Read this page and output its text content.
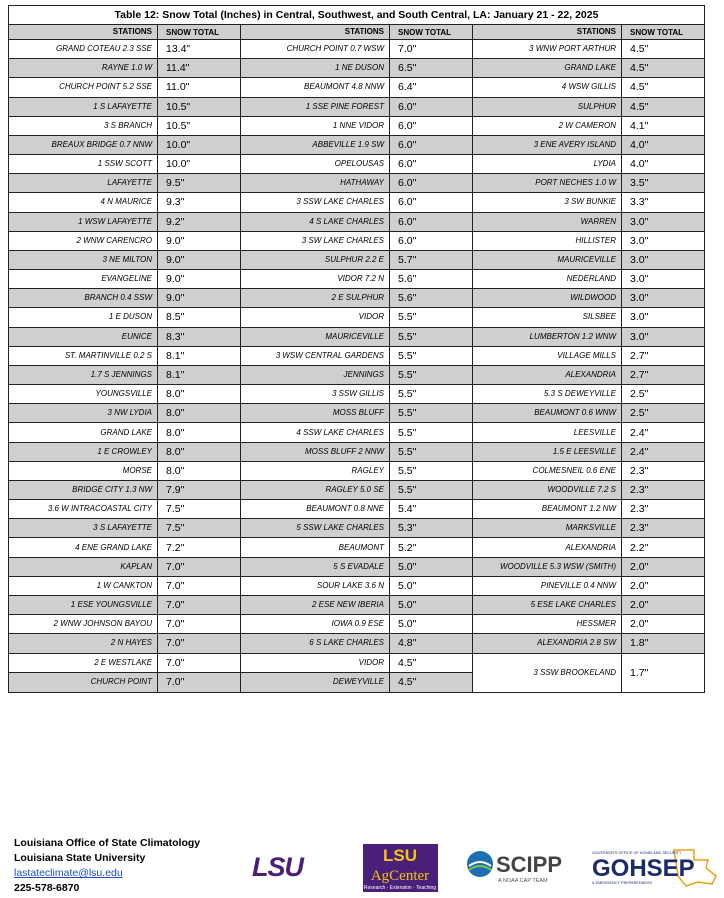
Table 12: Snow Total (Inches) in Central, Southwest, and South Central, LA: January 21 - 22, 2025
STATIONS	SNOW TOTAL
GRAND COTEAU 2.3 SSE	13.4"
RAYNE 1.0 W	11.4"
CHURCH POINT 5.2 SSE	11.0"
1 S LAFAYETTE	10.5"
3 S BRANCH	10.5"
BREAUX BRIDGE 0.7 NNW	10.0"
1 SSW SCOTT	10.0"
LAFAYETTE	9.5"
4 N MAURICE	9.3"
1 WSW LAFAYETTE	9.2"
2 WNW CARENCRO	9.0"
3 NE MILTON	9.0"
EVANGELINE	9.0"
BRANCH 0.4 SSW	9.0"
1 E DUSON	8.5"
EUNICE	8.3"
ST. MARTINVILLE 0.2 S	8.1"
1.7 S JENNINGS	8.1"
YOUNGSVILLE	8.0"
3 NW LYDIA	8.0"
GRAND LAKE	8.0"
1 E CROWLEY	8.0"
MORSE	8.0"
BRIDGE CITY 1.3 NW	7.9"
3.6 W INTRACOASTAL CITY	7.5"
3 S LAFAYETTE	7.5"
4 ENE GRAND LAKE	7.2"
KAPLAN	7.0"
1 W CANKTON	7.0"
1 ESE YOUNGSVILLE	7.0"
2 WNW JOHNSON BAYOU	7.0"
2 N HAYES	7.0"
2 E WESTLAKE	7.0"
CHURCH POINT	7.0"
STATIONS	SNOW TOTAL
CHURCH POINT 0.7 WSW	7.0"
1 NE DUSON	6.5"
BEAUMONT 4.8 NNW	6.4"
1 SSE PINE FOREST	6.0"
1 NNE VIDOR	6.0"
ABBEVILLE 1.9 SW	6.0"
OPELOUSAS	6.0"
HATHAWAY	6.0"
3 SSW LAKE CHARLES	6.0"
4 S LAKE CHARLES	6.0"
3 SW LAKE CHARLES	6.0"
SULPHUR 2.2 E	5.7"
VIDOR 7.2 N	5.6"
2 E SULPHUR	5.6"
VIDOR	5.5"
MAURICEVILLE	5.5"
3 WSW CENTRAL GARDENS	5.5"
JENNINGS	5.5"
3 SSW GILLIS	5.5"
MOSS BLUFF	5.5"
4 SSW LAKE CHARLES	5.5"
MOSS BLUFF 2 NNW	5.5"
RAGLEY	5.5"
RAGLEY 5.0 SE	5.5"
BEAUMONT 0.8 NNE	5.4"
5 SSW LAKE CHARLES	5.3"
BEAUMONT	5.2"
5 S EVADALE	5.0"
SOUR LAKE 3.6 N	5.0"
2 ESE NEW IBERIA	5.0"
IOWA 0.9 ESE	5.0"
6 S LAKE CHARLES	4.8"
VIDOR	4.5"
DEWEYVILLE	4.5"
STATIONS	SNOW TOTAL
3 WNW PORT ARTHUR	4.5"
GRAND LAKE	4.5"
4 WSW GILLIS	4.5"
SULPHUR	4.5"
2 W CAMERON	4.1"
3 ENE AVERY ISLAND	4.0"
LYDIA	4.0"
PORT NECHES 1.0 W	3.5"
3 SW BUNKIE	3.3"
WARREN	3.0"
HILLISTER	3.0"
MAURICEVILLE	3.0"
NEDERLAND	3.0"
WILDWOOD	3.0"
SILSBEE	3.0"
LUMBERTON 1.2 WNW	3.0"
VILLAGE MILLS	2.7"
ALEXANDRIA	2.7"
5.3 S DEWEYVILLE	2.5"
BEAUMONT 0.6 WNW	2.5"
LEESVILLE	2.4"
1.5 E LEESVILLE	2.4"
COLMESNEIL 0.6 ENE	2.3"
WOODVILLE 7.2 S	2.3"
BEAUMONT 1.2 NW	2.3"
MARKSVILLE	2.3"
ALEXANDRIA	2.2"
WOODVILLE 5.3 WSW (SMITH)	2.0"
PINEVILLE 0.4 NNW	2.0"
5 ESE LAKE CHARLES	2.0"
HESSMER	2.0"
ALEXANDRIA 2.8 SW	1.8"
3 SSW BROOKELAND	1.7"
Louisiana Office of State Climatology
Louisiana State University
lastateclimate@lsu.edu
225-578-6870
LSU	LSU
AgCenter
Research · Extension · Teaching
SCIPP
A NOAA CAP TEAM
GOVERNOR'S OFFICE OF HOMELAND SECURITY
GOHSEP
& EMERGENCY PREPAREDNESS
